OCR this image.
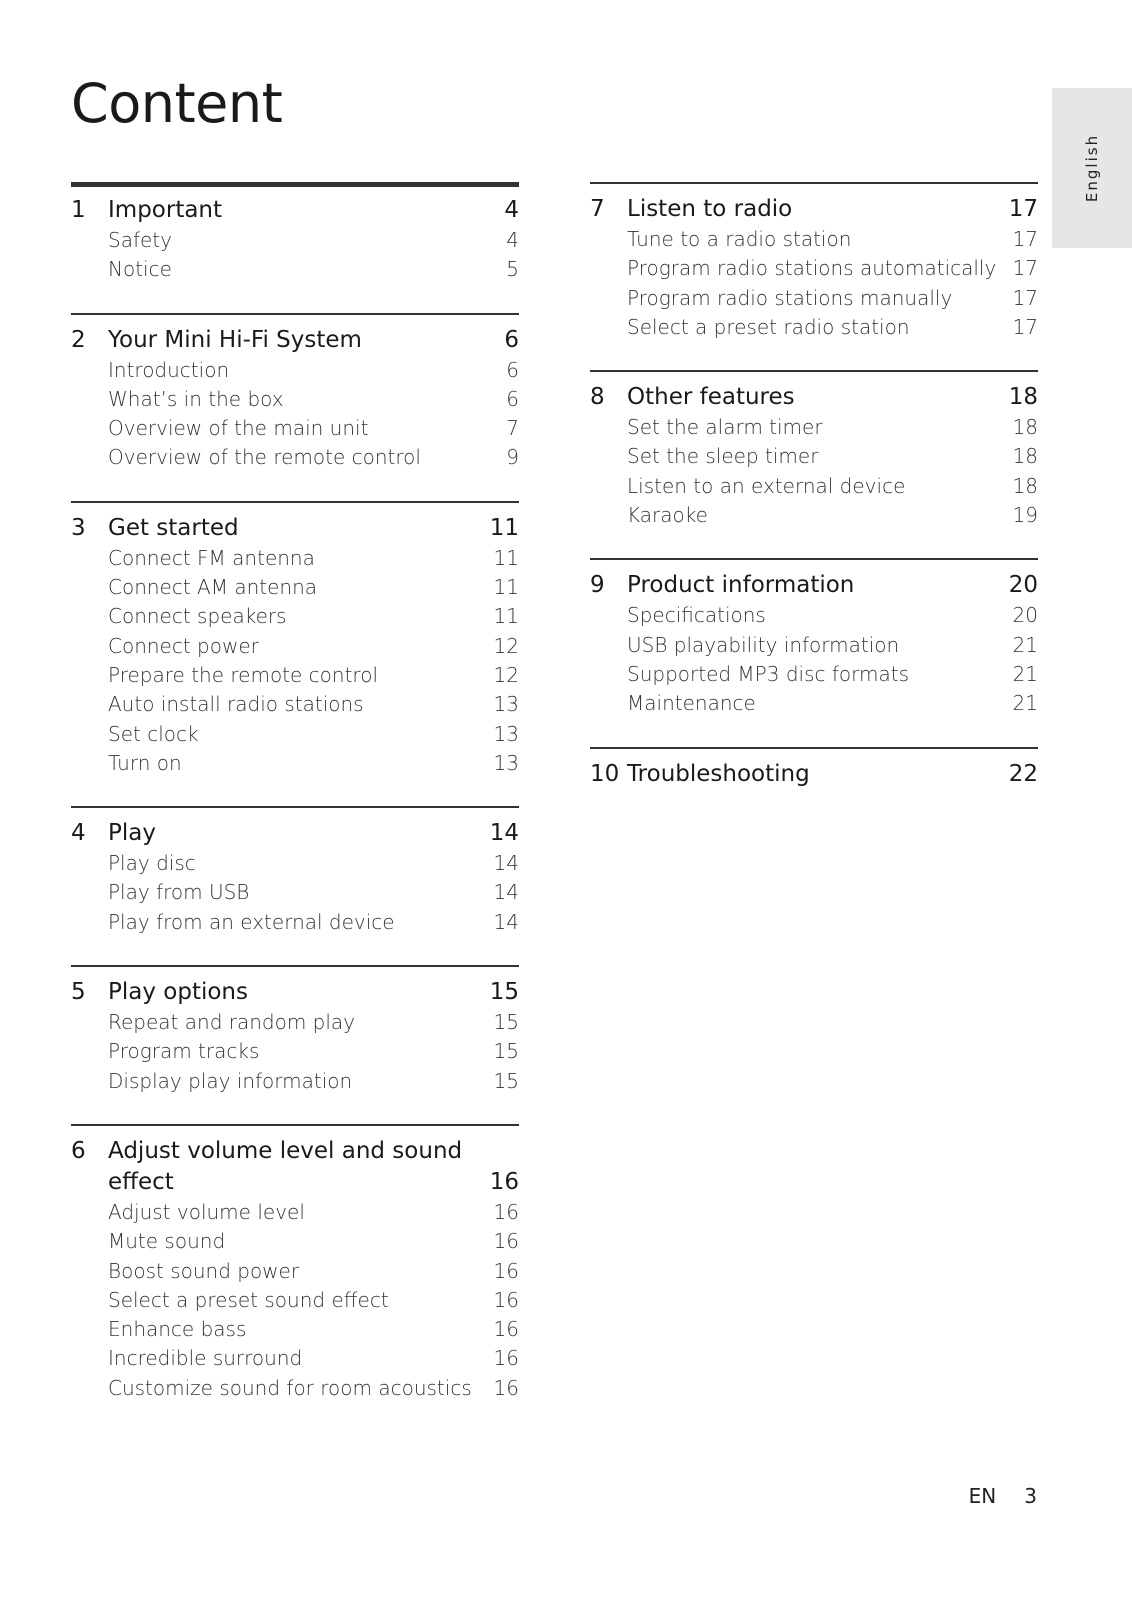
Content
English
1 Important	4
Safety	4
Notice	5
2 Your Mini Hi-Fi System	6
Introduction	6
What’s in the box	6
Overview of the main unit	7
Overview of the remote control	9
3 Get started	11
Connect FM antenna	11
Connect AM antenna	11
Connect speakers	11
Connect power	12
Prepare the remote control	12
Auto install radio stations	13
Set clock	13
Turn on	13
4 Play	14
Play disc	14
Play from USB	14
Play from an external device	14
5 Play options	15
Repeat and random play	15
Program tracks	15
Display play information	15
6 Adjust volume level and sound
effect	16
Adjust volume level	16
Mute sound	16
Boost sound power	16
Select a preset sound effect	16
Enhance bass	16
Incredible surround	16
Customize sound for room acoustics 16
7 Listen to radio	17
Tune to a radio station	17
Program radio stations automatically 17
Program radio stations manually	17
Select a preset radio station	17
8 Other features	18
Set the alarm timer	18
Set the sleep timer	18
Listen to an external device	18
Karaoke	19
9 Product information	20
Specifications	20
USB playability information	21
Supported MP3 disc formats	21
Maintenance	21
10 Troubleshooting	22
EN 3
